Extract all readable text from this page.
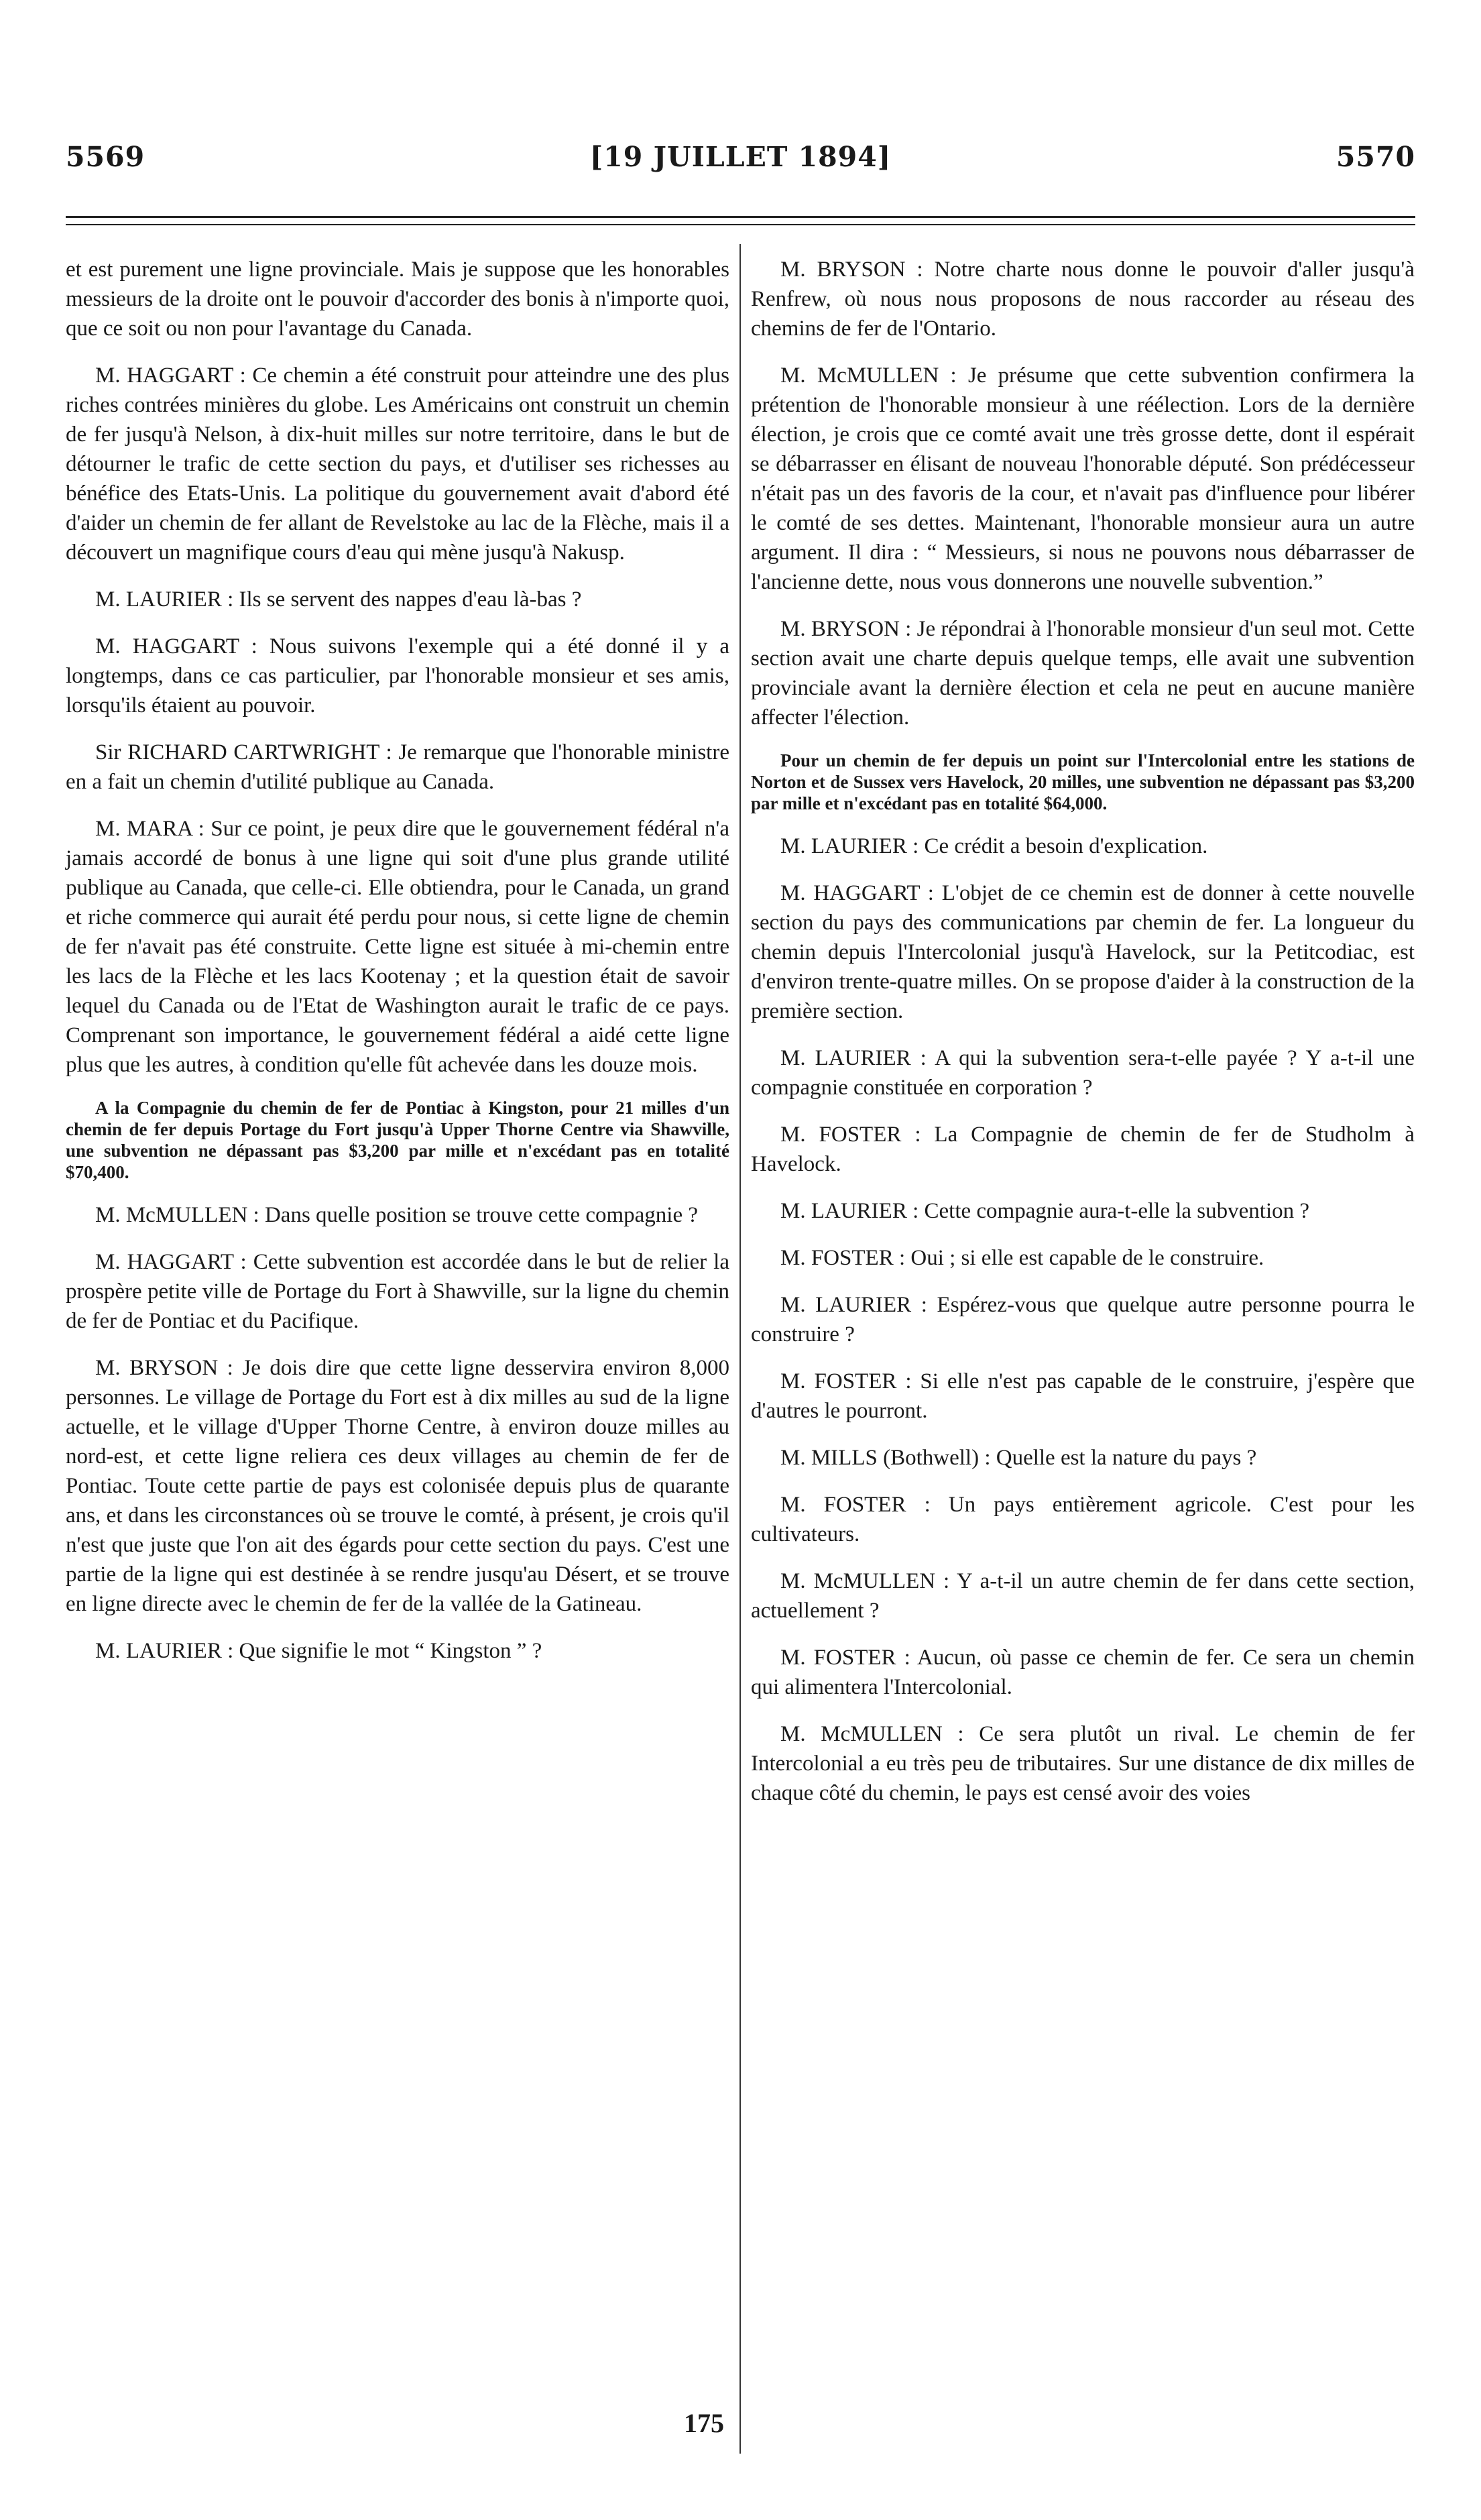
5569	[19 JUILLET 1894]	5570

et est purement une ligne provinciale. Mais je suppose que les honorables messieurs de la droite ont le pouvoir d'accorder des bonis à n'importe quoi, que ce soit ou non pour l'avantage du Canada.

M. HAGGART : Ce chemin a été construit pour atteindre une des plus riches contrées minières du globe. Les Américains ont construit un chemin de fer jusqu'à Nelson, à dix-huit milles sur notre territoire, dans le but de détourner le trafic de cette section du pays, et d'utiliser ses richesses au bénéfice des Etats-Unis. La politique du gouvernement avait d'abord été d'aider un chemin de fer allant de Revelstoke au lac de la Flèche, mais il a découvert un magnifique cours d'eau qui mène jusqu'à Nakusp.

M. LAURIER : Ils se servent des nappes d'eau là-bas ?

M. HAGGART : Nous suivons l'exemple qui a été donné il y a longtemps, dans ce cas particulier, par l'honorable monsieur et ses amis, lorsqu'ils étaient au pouvoir.

Sir RICHARD CARTWRIGHT : Je remarque que l'honorable ministre en a fait un chemin d'utilité publique au Canada.

M. MARA : Sur ce point, je peux dire que le gouvernement fédéral n'a jamais accordé de bonus à une ligne qui soit d'une plus grande utilité publique au Canada, que celle-ci. Elle obtiendra, pour le Canada, un grand et riche commerce qui aurait été perdu pour nous, si cette ligne de chemin de fer n'avait pas été construite. Cette ligne est située à mi-chemin entre les lacs de la Flèche et les lacs Kootenay ; et la question était de savoir lequel du Canada ou de l'Etat de Washington aurait le trafic de ce pays. Comprenant son importance, le gouvernement fédéral a aidé cette ligne plus que les autres, à condition qu'elle fût achevée dans les douze mois.

A la Compagnie du chemin de fer de Pontiac à Kingston, pour 21 milles d'un chemin de fer depuis Portage du Fort jusqu'à Upper Thorne Centre via Shawville, une subvention ne dépassant pas $3,200 par mille et n'excédant pas en totalité $70,400.

M. McMULLEN : Dans quelle position se trouve cette compagnie ?

M. HAGGART : Cette subvention est accordée dans le but de relier la prospère petite ville de Portage du Fort à Shawville, sur la ligne du chemin de fer de Pontiac et du Pacifique.

M. BRYSON : Je dois dire que cette ligne desservira environ 8,000 personnes. Le village de Portage du Fort est à dix milles au sud de la ligne actuelle, et le village d'Upper Thorne Centre, à environ douze milles au nord-est, et cette ligne reliera ces deux villages au chemin de fer de Pontiac. Toute cette partie de pays est colonisée depuis plus de quarante ans, et dans les circonstances où se trouve le comté, à présent, je crois qu'il n'est que juste que l'on ait des égards pour cette section du pays. C'est une partie de la ligne qui est destinée à se rendre jusqu'au Désert, et se trouve en ligne directe avec le chemin de fer de la vallée de la Gatineau.

M. LAURIER : Que signifie le mot “ Kingston ” ?

M. BRYSON : Notre charte nous donne le pouvoir d'aller jusqu'à Renfrew, où nous nous proposons de nous raccorder au réseau des chemins de fer de l'Ontario.

M. McMULLEN : Je présume que cette subvention confirmera la prétention de l'honorable monsieur à une réélection. Lors de la dernière élection, je crois que ce comté avait une très grosse dette, dont il espérait se débarrasser en élisant de nouveau l'honorable député. Son prédécesseur n'était pas un des favoris de la cour, et n'avait pas d'influence pour libérer le comté de ses dettes. Maintenant, l'honorable monsieur aura un autre argument. Il dira : “ Messieurs, si nous ne pouvons nous débarrasser de l'ancienne dette, nous vous donnerons une nouvelle subvention.”

M. BRYSON : Je répondrai à l'honorable monsieur d'un seul mot. Cette section avait une charte depuis quelque temps, elle avait une subvention provinciale avant la dernière élection et cela ne peut en aucune manière affecter l'élection.

Pour un chemin de fer depuis un point sur l'Intercolonial entre les stations de Norton et de Sussex vers Havelock, 20 milles, une subvention ne dépassant pas $3,200 par mille et n'excédant pas en totalité $64,000.

M. LAURIER : Ce crédit a besoin d'explication.

M. HAGGART : L'objet de ce chemin est de donner à cette nouvelle section du pays des communications par chemin de fer. La longueur du chemin depuis l'Intercolonial jusqu'à Havelock, sur la Petitcodiac, est d'environ trente-quatre milles. On se propose d'aider à la construction de la première section.

M. LAURIER : A qui la subvention sera-t-elle payée ? Y a-t-il une compagnie constituée en corporation ?

M. FOSTER : La Compagnie de chemin de fer de Studholm à Havelock.

M. LAURIER : Cette compagnie aura-t-elle la subvention ?

M. FOSTER : Oui ; si elle est capable de le construire.

M. LAURIER : Espérez-vous que quelque autre personne pourra le construire ?

M. FOSTER : Si elle n'est pas capable de le construire, j'espère que d'autres le pourront.

M. MILLS (Bothwell) : Quelle est la nature du pays ?

M. FOSTER : Un pays entièrement agricole. C'est pour les cultivateurs.

M. McMULLEN : Y a-t-il un autre chemin de fer dans cette section, actuellement ?

M. FOSTER : Aucun, où passe ce chemin de fer. Ce sera un chemin qui alimentera l'Intercolonial.

M. McMULLEN : Ce sera plutôt un rival. Le chemin de fer Intercolonial a eu très peu de tributaires. Sur une distance de dix milles de chaque côté du chemin, le pays est censé avoir des voies

175
